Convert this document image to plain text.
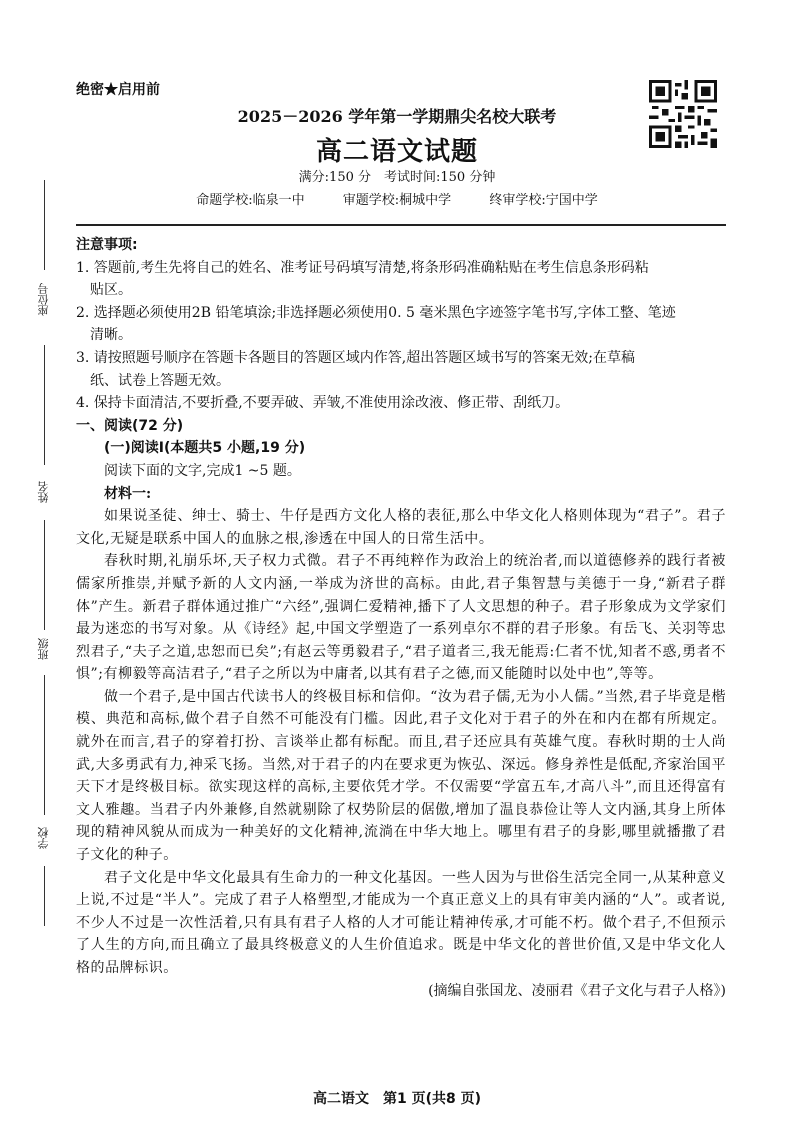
绝密★启用前
2025－2026 学年第一学期鼎尖名校大联考
高二语文试题
满分:150 分　考试时间:150 分钟
命题学校:临泉一中	审题学校:桐城中学	终审学校:宁国中学
座位号
姓名
班级
学校

注意事项:

1. 答题前,考生先将自己的姓名、准考证号码填写清楚,将条形码准确粘贴在考生信息条形码粘

贴区。

2. 选择题必须使用2B 铅笔填涂;非选择题必须使用0. 5 毫米黑色字迹签字笔书写,字体工整、笔迹

清晰。

3. 请按照题号顺序在答题卡各题目的答题区域内作答,超出答题区域书写的答案无效;在草稿

纸、试卷上答题无效。

4. 保持卡面清洁,不要折叠,不要弄破、弄皱,不准使用涂改液、修正带、刮纸刀。

一、阅读(72 分)

(一)阅读Ⅰ(本题共5 小题,19 分)

阅读下面的文字,完成1 ~5 题。

材料一:

如果说圣徒、绅士、骑士、牛仔是西方文化人格的表征,那么中华文化人格则体现为“君子”。君子文化,无疑是联系中国人的血脉之根,渗透在中国人的日常生活中。

春秋时期,礼崩乐坏,天子权力式微。君子不再纯粹作为政治上的统治者,而以道德修养的践行者被儒家所推崇,并赋予新的人文内涵,一举成为济世的高标。由此,君子集智慧与美德于一身,“新君子群体”产生。新君子群体通过推广“六经”,强调仁爱精神,播下了人文思想的种子。君子形象成为文学家们最为迷恋的书写对象。从《诗经》起,中国文学塑造了一系列卓尔不群的君子形象。有岳飞、关羽等忠烈君子,“夫子之道,忠恕而已矣”;有赵云等勇毅君子,“君子道者三,我无能焉:仁者不忧,知者不惑,勇者不惧”;有柳毅等高洁君子,“君子之所以为中庸者,以其有君子之德,而又能随时以处中也”,等等。

做一个君子,是中国古代读书人的终极目标和信仰。“汝为君子儒,无为小人儒。”当然,君子毕竟是楷模、典范和高标,做个君子自然不可能没有门槛。因此,君子文化对于君子的外在和内在都有所规定。就外在而言,君子的穿着打扮、言谈举止都有标配。而且,君子还应具有英雄气度。春秋时期的士人尚武,大多勇武有力,神采飞扬。当然,对于君子的内在要求更为恢弘、深远。修身养性是低配,齐家治国平天下才是终极目标。欲实现这样的高标,主要依凭才学。不仅需要“学富五车,才高八斗”,而且还得富有文人雅趣。当君子内外兼修,自然就剔除了权势阶层的倨傲,增加了温良恭俭让等人文内涵,其身上所体现的精神风貌从而成为一种美好的文化精神,流淌在中华大地上。哪里有君子的身影,哪里就播撒了君子文化的种子。

君子文化是中华文化最具有生命力的一种文化基因。一些人因为与世俗生活完全同一,从某种意义上说,不过是“半人”。完成了君子人格塑型,才能成为一个真正意义上的具有审美内涵的“人”。或者说,不少人不过是一次性活着,只有具有君子人格的人才可能让精神传承,才可能不朽。做个君子,不但预示了人生的方向,而且确立了最具终极意义的人生价值追求。既是中华文化的普世价值,又是中华文化人格的品牌标识。

(摘编自张国龙、凌丽君《君子文化与君子人格》)

高二语文　第1 页(共8 页)
